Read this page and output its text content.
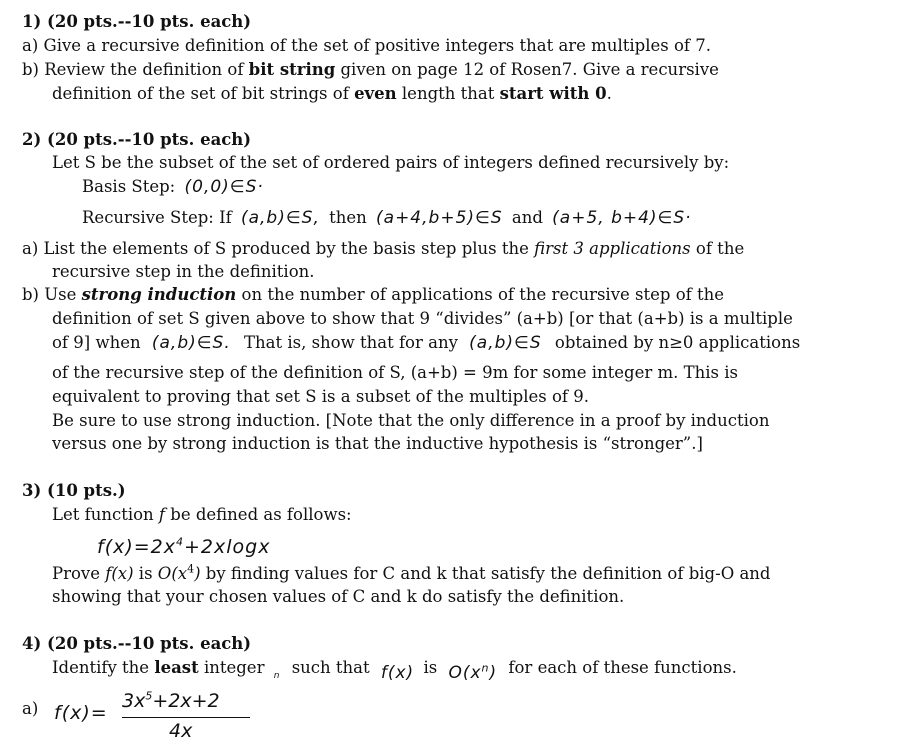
1) (20 pts.--10 pts. each)
a) Give a recursive definition of the set of positive integers that are multiples of 7.
b) Review the definition of bit string given on page 12 of Rosen7. Give a recursive
definition of the set of bit strings of even length that start with 0.
2) (20 pts.--10 pts. each)
Let S be the subset of the set of ordered pairs of integers defined recursively by:
Basis Step: (0,0)∈S·
Recursive Step: If (a,b)∈S, then (a+4,b+5)∈S and (a+5, b+4)∈S·
a) List the elements of S produced by the basis step plus the first 3 applications of the
recursive step in the definition.
b) Use strong induction on the number of applications of the recursive step of the
definition of set S given above to show that 9 “divides” (a+b) [or that (a+b) is a multiple
of 9] when (a,b)∈S. That is, show that for any (a,b)∈S obtained by n≥0 applications
of the recursive step of the definition of S, (a+b) = 9m for some integer m. This is
equivalent to proving that set S is a subset of the multiples of 9.
Be sure to use strong induction. [Note that the only difference in a proof by induction
versus one by strong induction is that the inductive hypothesis is “stronger”.]
3) (10 pts.)
Let function f be defined as follows:
$f(x)=2x^4+2xlogx$
Prove f(x) is $O(x^4)$ by finding values for C and k that satisfy the definition of big-O and
showing that your chosen values of C and k do satisfy the definition.
4) (20 pts.--10 pts. each)
Identify the least integer $_n$ such that f(x) is $O(x^n)$ for each of these functions.
a) f(x)=
$3x^5+2x+2$
4x
